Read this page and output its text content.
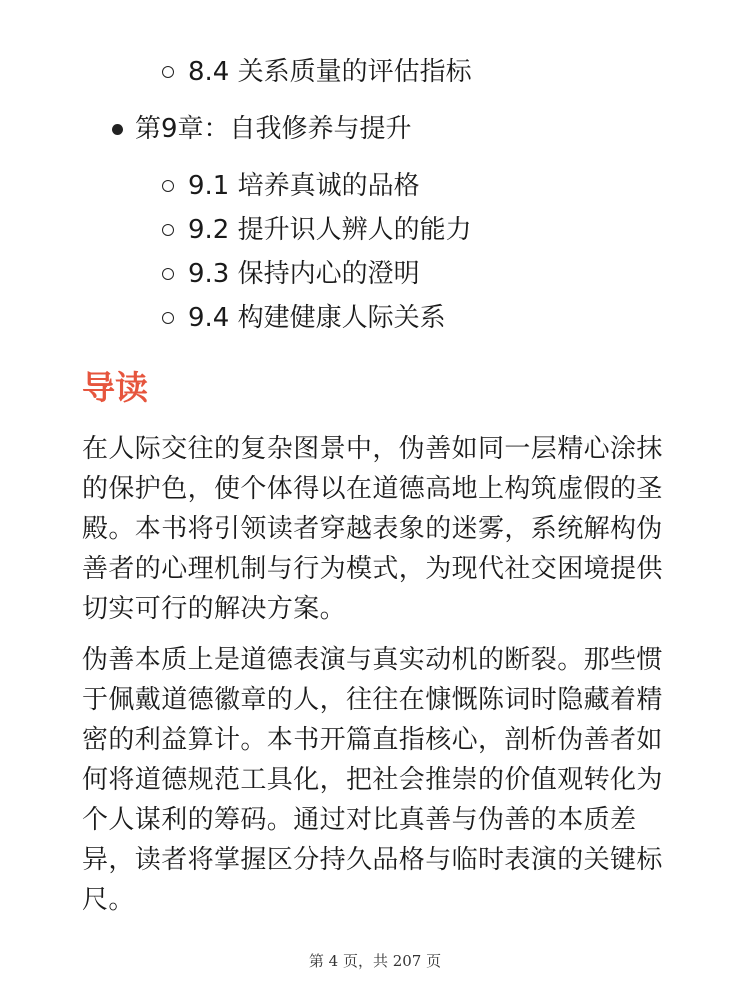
8.4 关系质量的评估指标
第9章：自我修养与提升
9.1 培养真诚的品格
9.2 提升识人辨人的能力
9.3 保持内心的澄明
9.4 构建健康人际关系
导读

在人际交往的复杂图景中，伪善如同一层精心涂抹的保护色，使个体得以在道德高地上构筑虚假的圣殿。本书将引领读者穿越表象的迷雾，系统解构伪善者的心理机制与行为模式，为现代社交困境提供切实可行的解决方案。

伪善本质上是道德表演与真实动机的断裂。那些惯于佩戴道德徽章的人，往往在慷慨陈词时隐藏着精密的利益算计。本书开篇直指核心，剖析伪善者如何将道德规范工具化，把社会推崇的价值观转化为个人谋利的筹码。通过对比真善与伪善的本质差异，读者将掌握区分持久品格与临时表演的关键标尺。

第 4 页，共 207 页
